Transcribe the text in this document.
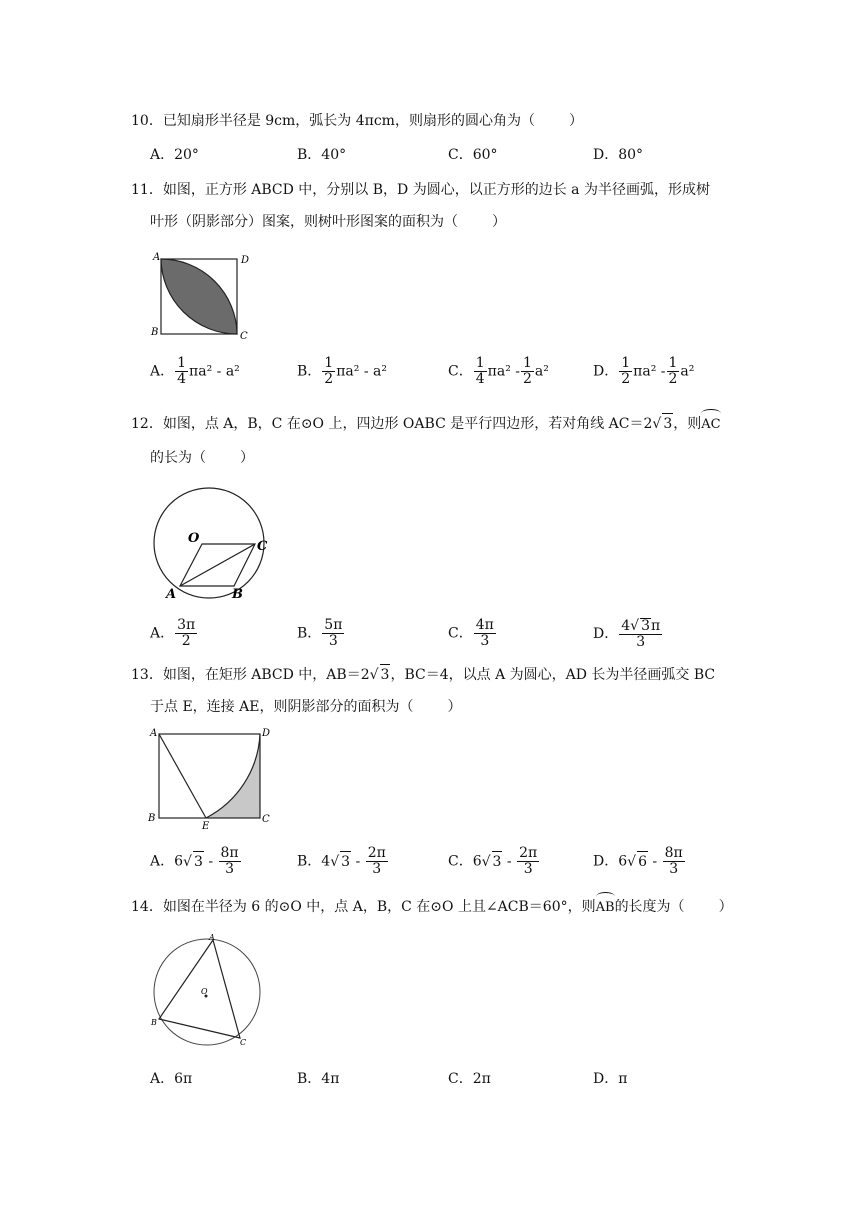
10．已知扇形半径是 9cm，弧长为 4πcm，则扇形的圆心角为（ ）
A．20°	B．40°	C．60°	D．80°
11．如图，正方形 ABCD 中，分别以 B，D 为圆心，以正方形的边长 a 为半径画弧，形成树
叶形（阴影部分）图案，则树叶形图案的面积为（ ）
A	D
B	C
A． $\frac{1}{4} \pi a^2 - a^2$	B． $\frac{1}{2} \pi a^2 - a^2$	C． $\frac{1}{4} \pi a^2 - \frac{1}{2} a^2$	D． $\frac{1}{2} \pi a^2 - \frac{1}{2} a^2$
12．如图，点 A，B，C 在⊙O 上，四边形 OABC 是平行四边形，若对角线 AC＝2√ 3，则AC
的长为（ ）
O
C
A	B
A． $\frac{3\pi}{2}$	B． $\frac{5\pi}{3}$	C． $\frac{4\pi}{3}$	D． $\frac{4√ 3\pi}{3}$
13．如图，在矩形 ABCD 中，AB＝2√ 3，BC＝4，以点 A 为圆心，AD 长为半径画弧交 BC
于点 E，连接 AE，则阴影部分的面积为（ ）
A	D
B
E
C
A．6√ $3 - \frac{8\pi}{3}$	B．4√ $3 - \frac{2\pi}{3}$	C．6√ $3 - \frac{2\pi}{3}$	D．6√ $6 - \frac{8\pi}{3}$
14．如图在半径为 6 的⊙O 中，点 A，B，C 在⊙O 上且∠ACB＝60°，则AB的长度为（ ）
A
O
B
C
A．6π	B．4π	C．2π	D．π
